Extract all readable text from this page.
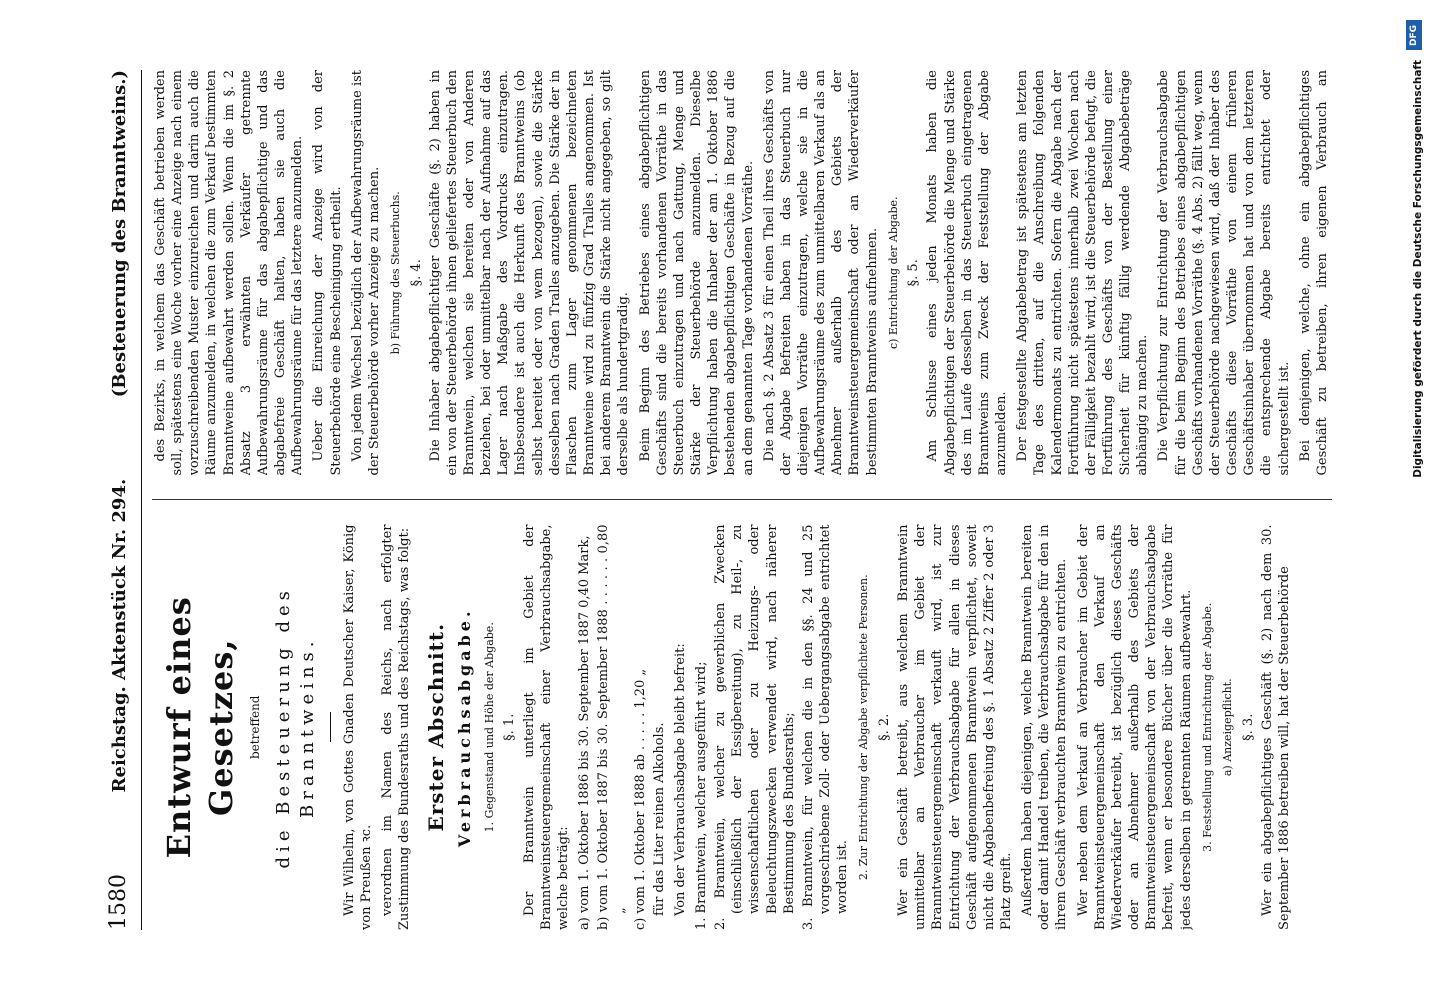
1580
Reichstag. Aktenstück Nr. 294.
(Besteuerung des Branntweins.)
Entwurf eines Gesetzes, betreffend die Besteuerung des Branntweins. Wir Wilhelm, von Gottes Gnaden Deutscher Kaiser, König von Preußen ꝛc. verordnen im Namen des Reichs, nach erfolgter Zustimmung des Bundesraths und des Reichstags, was folgt: Erster Abschnitt. Verbrauchsabgabe. 1. Gegenstand und Höhe der Abgabe. §. 1. Der Branntwein unterliegt im Gebiet der Branntweinsteuergemeinschaft einer Verbrauchsabgabe, welche beträgt: a) vom 1. Oktober 1886 bis 30. September 1887 0,40 Mark, b) vom 1. Oktober 1887 bis 30. September 1888 . . . . . . 0,80 „ c) vom 1. Oktober 1888 ab . . . . . 1,20 „ für das Liter reinen Alkohols. Von der Verbrauchsabgabe bleibt befreit: 1. Branntwein, welcher ausgeführt wird; 2. Branntwein, welcher zu gewerblichen Zwecken (einschließlich der Essigbereitung), zu Heil-, zu wissenschaftlichen oder zu Heizungs- oder Beleuchtungszwecken verwendet wird, nach näherer Bestimmung des Bundesraths; 3. Branntwein, für welchen die in den §§. 24 und 25 vorgeschriebene Zoll- oder Uebergangsabgabe entrichtet worden ist. 2. Zur Entrichtung der Abgabe verpflichtete Personen. §. 2. Wer ein Geschäft betreibt, aus welchem Branntwein unmittelbar an Verbraucher im Gebiet der Branntweinsteuergemeinschaft verkauft wird, ist zur Entrichtung der Verbrauchsabgabe für allen in dieses Geschäft aufgenommenen Branntwein verpflichtet, soweit nicht die Abgabenbefreiung des §. 1 Absatz 2 Ziffer 2 oder 3 Platz greift. Außerdem haben diejenigen, welche Branntwein bereiten oder damit Handel treiben, die Verbrauchsabgabe für den in ihrem Geschäft verbrauchten Branntwein zu entrichten. Wer neben dem Verkauf an Verbraucher im Gebiet der Branntweinsteuergemeinschaft den Verkauf an Wiederverkäufer betreibt, ist bezüglich dieses Geschäfts oder an Abnehmer außerhalb des Gebiets der Branntweinsteuergemeinschaft von der Verbrauchsabgabe befreit, wenn er besondere Bücher über die Vorräthe für jedes derselben in getrennten Räumen aufbewahrt. 3. Feststellung und Entrichtung der Abgabe. a) Anzeigepflicht. §. 3. Wer ein abgabepflichtiges Geschäft (§. 2) nach dem 30. September 1886 betreiben will, hat der Steuerbehörde

des Bezirks, in welchem das Geschäft betrieben werden soll, spätestens eine Woche vorher eine Anzeige nach einem vorzuschreibenden Muster einzureichen und darin auch die Räume anzumelden, in welchen die zum Verkauf bestimmten Branntweine aufbewahrt werden sollen. Wenn die im §. 2 Absatz 3 erwähnten Verkäufer getrennte Aufbewahrungsräume für das abgabepflichtige und das abgabefreie Geschäft halten, haben sie auch die Aufbewahrungsräume für das letztere anzumelden. Ueber die Einreichung der Anzeige wird von der Steuerbehörde eine Bescheinigung ertheilt. Von jedem Wechsel bezüglich der Aufbewahrungsräume ist der Steuerbehörde vorher Anzeige zu machen. b) Führung des Steuerbuchs. §. 4. Die Inhaber abgabepflichtiger Geschäfte (§. 2) haben in ein von der Steuerbehörde ihnen geliefertes Steuerbuch den Branntwein, welchen sie bereiten oder von Anderen beziehen, bei oder unmittelbar nach der Aufnahme auf das Lager nach Maßgabe des Vordrucks einzutragen. Insbesondere ist auch die Herkunft des Branntweins (ob selbst bereitet oder von wem bezogen), sowie die Stärke desselben nach Graden Tralles anzugeben. Die Stärke der in Flaschen zum Lager genommenen bezeichneten Branntweine wird zu fünfzig Grad Tralles angenommen. Ist bei anderem Branntwein die Stärke nicht angegeben, so gilt derselbe als hundertgradig. Beim Beginn des Betriebes eines abgabepflichtigen Geschäfts sind die bereits vorhandenen Vorräthe in das Steuerbuch einzutragen und nach Gattung, Menge und Stärke der Steuerbehörde anzumelden. Dieselbe Verpflichtung haben die Inhaber der am 1. Oktober 1886 bestehenden abgabepflichtigen Geschäfte in Bezug auf die an dem genannten Tage vorhandenen Vorräthe. Die nach §. 2 Absatz 3 für einen Theil ihres Geschäfts von der Abgabe Befreiten haben in das Steuerbuch nur diejenigen Vorräthe einzutragen, welche sie in die Aufbewahrungsräume des zum unmittelbaren Verkauf als an Abnehmer außerhalb des Gebiets der Branntweinsteuergemeinschaft oder an Wiederverkäufer bestimmten Branntweins aufnehmen. c) Entrichtung der Abgabe. §. 5. Am Schlusse eines jeden Monats haben die Abgabepflichtigen der Steuerbehörde die Menge und Stärke des im Laufe desselben in das Steuerbuch eingetragenen Branntweins zum Zweck der Feststellung der Abgabe anzumelden. Der festgestellte Abgabebetrag ist spätestens am letzten Tage des dritten, auf die Anschreibung folgenden Kalendermonats zu entrichten. Sofern die Abgabe nach der Fortführung nicht spätestens innerhalb zwei Wochen nach der Fälligkeit bezahlt wird, ist die Steuerbehörde befugt, die Fortführung des Geschäfts von der Bestellung einer Sicherheit für künftig fällig werdende Abgabebeträge abhängig zu machen. Die Verpflichtung zur Entrichtung der Verbrauchsabgabe für die beim Beginn des Betriebes eines abgabepflichtigen Geschäfts vorhandenen Vorräthe (§. 4 Abs. 2) fällt weg, wenn der Steuerbehörde nachgewiesen wird, daß der Inhaber des Geschäfts diese Vorräthe von einem früheren Geschäftsinhaber übernommen hat und von dem letzteren die entsprechende Abgabe bereits entrichtet oder sichergestellt ist. Bei denjenigen, welche, ohne ein abgabepflichtiges Geschäft zu betreiben, ihren eigenen Verbrauch an

DFG
Digitalisierung gefördert durch die Deutsche Forschungsgemeinschaft
